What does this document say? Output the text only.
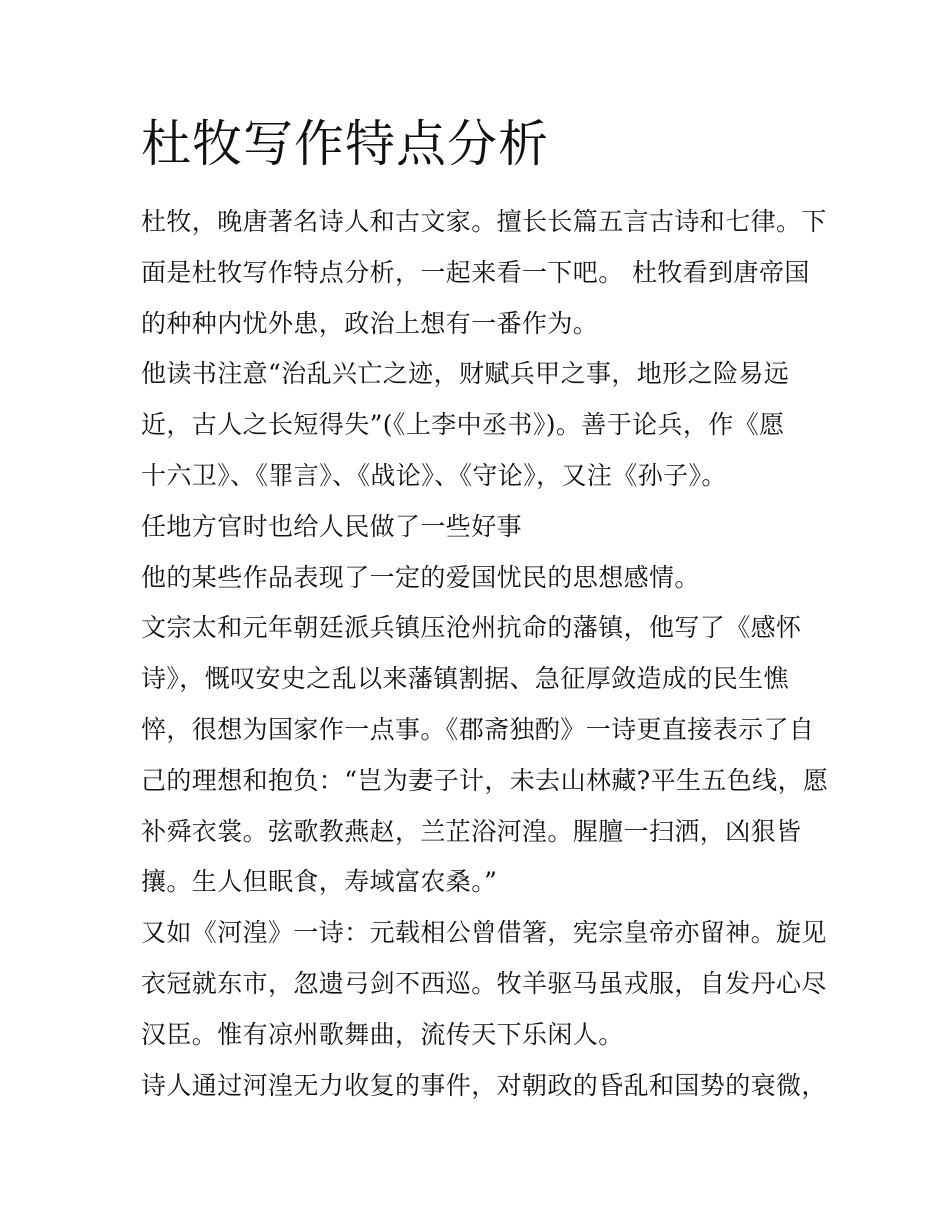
杜牧写作特点分析
杜牧，晚唐著名诗人和古文家。擅长长篇五言古诗和七律。下
面是杜牧写作特点分析，一起来看一下吧。 杜牧看到唐帝国
的种种内忧外患，政治上想有一番作为。
他读书注意“治乱兴亡之迹，财赋兵甲之事，地形之险易远
近，古人之长短得失”(《上李中丞书》)。善于论兵，作《愿
十六卫》、《罪言》、《战论》、《守论》，又注《孙子》。
任地方官时也给人民做了一些好事
他的某些作品表现了一定的爱国忧民的思想感情。
文宗太和元年朝廷派兵镇压沧州抗命的藩镇，他写了《感怀
诗》，慨叹安史之乱以来藩镇割据、急征厚敛造成的民生憔
悴，很想为国家作一点事。《郡斋独酌》一诗更直接表示了自
己的理想和抱负：“岂为妻子计，未去山林藏?平生五色线，愿
补舜衣裳。弦歌教燕赵，兰芷浴河湟。腥膻一扫洒，凶狠皆
攘。生人但眠食，寿域富农桑。”
又如《河湟》一诗：元载相公曾借箸，宪宗皇帝亦留神。旋见
衣冠就东市，忽遗弓剑不西巡。牧羊驱马虽戎服，自发丹心尽
汉臣。惟有凉州歌舞曲，流传天下乐闲人。
诗人通过河湟无力收复的事件，对朝政的昏乱和国势的衰微，
